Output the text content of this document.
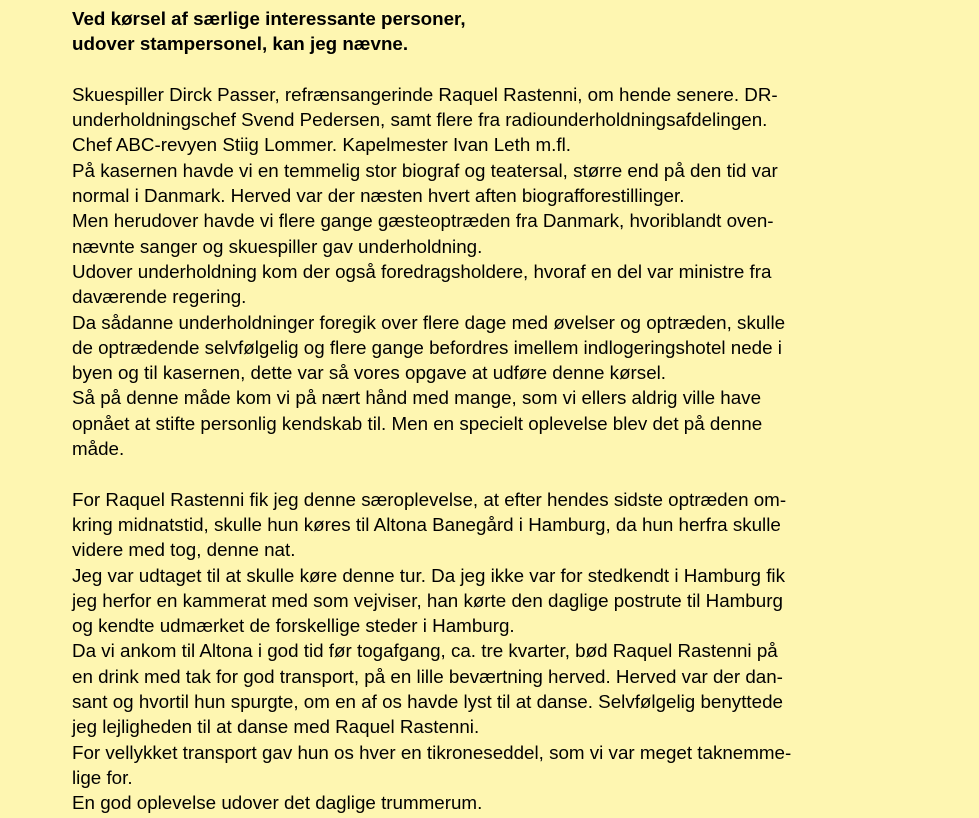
Ved kørsel af særlige interessante personer,

udover stampersonel, kan jeg nævne.

Skuespiller Dirck Passer, refrænsangerinde Raquel Rastenni, om hende senere. DR-

underholdningschef Svend Pedersen, samt flere fra radiounderholdningsafdelingen.

Chef ABC-revyen Stiig Lommer. Kapelmester Ivan Leth m.fl.

På kasernen havde vi en temmelig stor biograf og teatersal, større end på den tid var

normal i Danmark. Herved var der næsten hvert aften biografforestillinger.

Men herudover havde vi flere gange gæsteoptræden fra Danmark, hvoriblandt oven-

nævnte sanger og skuespiller gav underholdning.

Udover underholdning kom der også foredragsholdere, hvoraf en del var ministre fra

daværende regering.

Da sådanne underholdninger foregik over flere dage med øvelser og optræden, skulle

de optrædende selvfølgelig og flere gange befordres imellem indlogeringshotel nede i

byen og til kasernen, dette var så vores opgave at udføre denne kørsel.

Så på denne måde kom vi på nært hånd med mange, som vi ellers aldrig ville have

opnået at stifte personlig kendskab til. Men en specielt oplevelse blev det på denne

måde.

For Raquel Rastenni fik jeg denne særoplevelse, at efter hendes sidste optræden om-

kring midnatstid, skulle hun køres til Altona Banegård i Hamburg, da hun herfra skulle

videre med tog, denne nat.

Jeg var udtaget til at skulle køre denne tur. Da jeg ikke var for stedkendt i Hamburg fik

jeg herfor en kammerat med som vejviser, han kørte den daglige postrute til Hamburg

og kendte udmærket de forskellige steder i Hamburg.

Da vi ankom til Altona i god tid før togafgang, ca. tre kvarter, bød Raquel Rastenni på

en drink med tak for god transport, på en lille beværtning herved. Herved var der dan-

sant og hvortil hun spurgte, om en af os havde lyst til at danse. Selvfølgelig benyttede

jeg lejligheden til at danse med Raquel Rastenni.

For vellykket transport gav hun os hver en tikroneseddel, som vi var meget taknemme-

lige for.

En god oplevelse udover det daglige trummerum.
